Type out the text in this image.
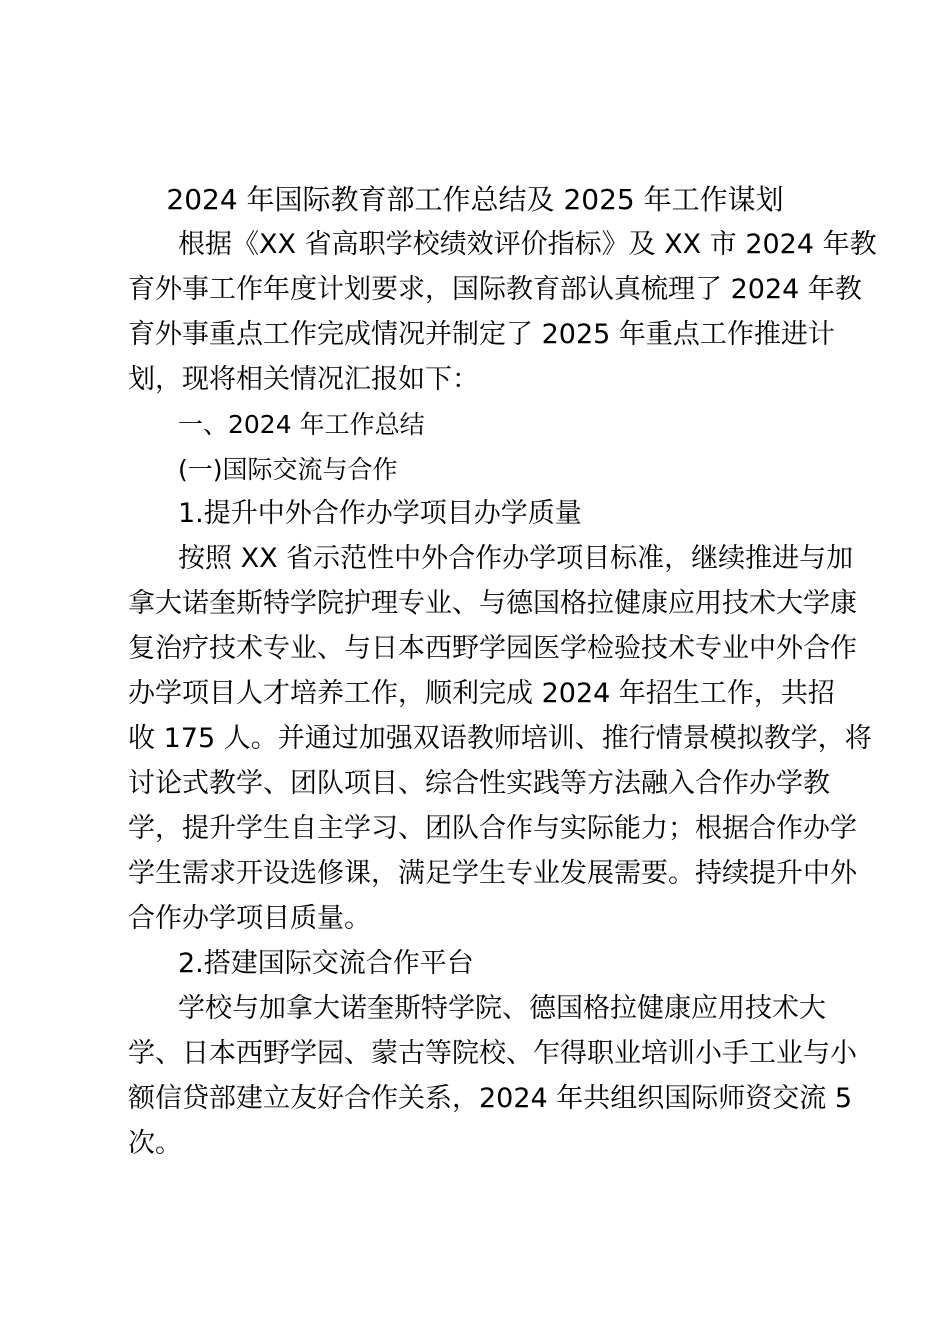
2024 年国际教育部工作总结及 2025 年工作谋划
根据《XX 省高职学校绩效评价指标》及 XX 市 2024 年教
育外事工作年度计划要求，国际教育部认真梳理了 2024 年教
育外事重点工作完成情况并制定了 2025 年重点工作推进计
划，现将相关情况汇报如下：
一、2024 年工作总结
(一)国际交流与合作
1.提升中外合作办学项目办学质量
按照 XX 省示范性中外合作办学项目标准，继续推进与加
拿大诺奎斯特学院护理专业、与德国格拉健康应用技术大学康
复治疗技术专业、与日本西野学园医学检验技术专业中外合作
办学项目人才培养工作，顺利完成 2024 年招生工作，共招
收 175 人。并通过加强双语教师培训、推行情景模拟教学，将
讨论式教学、团队项目、综合性实践等方法融入合作办学教
学，提升学生自主学习、团队合作与实际能力；根据合作办学
学生需求开设选修课，满足学生专业发展需要。持续提升中外
合作办学项目质量。
2.搭建国际交流合作平台
学校与加拿大诺奎斯特学院、德国格拉健康应用技术大
学、日本西野学园、蒙古等院校、乍得职业培训小手工业与小
额信贷部建立友好合作关系，2024 年共组织国际师资交流 5
次。
